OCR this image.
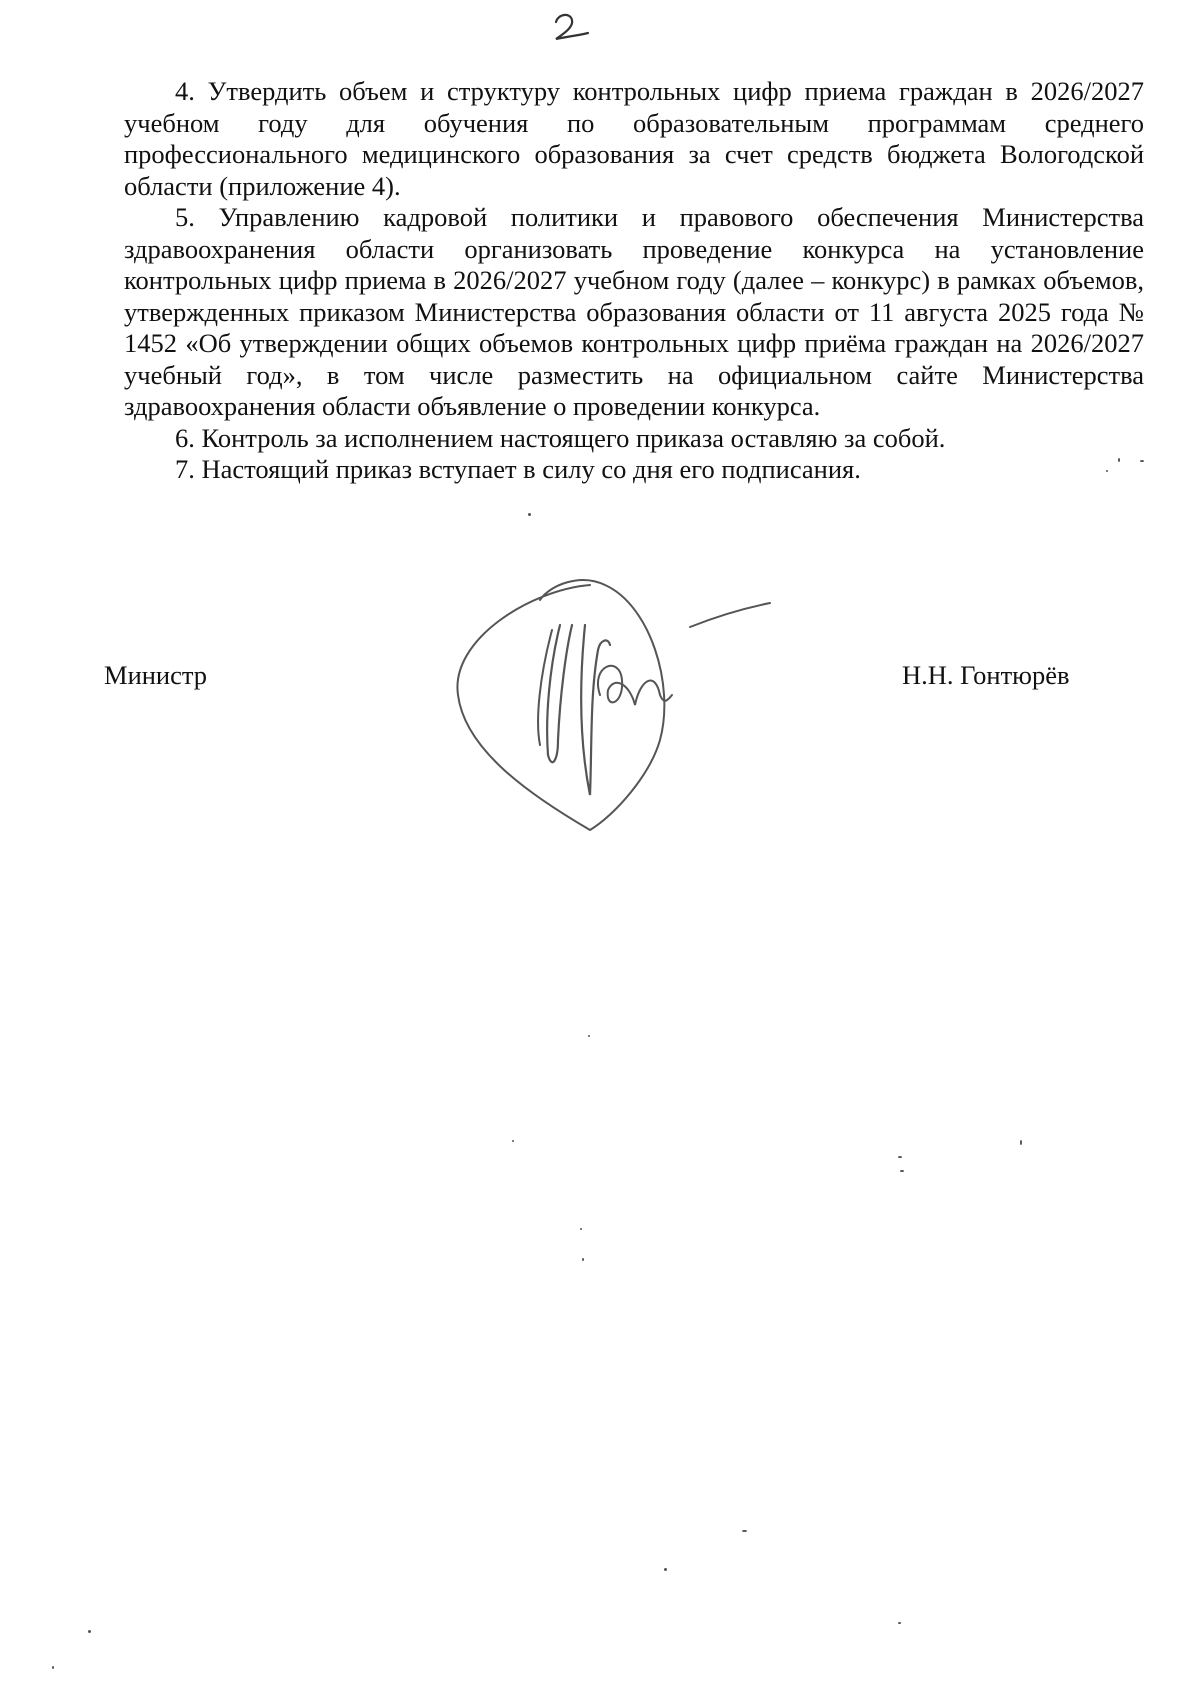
4. Утвердить объем и структуру контрольных цифр приема граждан в 2026/2027 учебном году для обучения по образовательным программам среднего профессионального медицинского образования за счет средств бюджета Вологодской области (приложение 4).

5. Управлению кадровой политики и правового обеспечения Министерства здравоохранения области организовать проведение конкурса на установление контрольных цифр приема в 2026/2027 учебном году (далее – конкурс) в рамках объемов, утвержденных приказом Министерства образования области от 11 августа 2025 года № 1452 «Об утверждении общих объемов контрольных цифр приёма граждан на 2026/2027 учебный год», в том числе разместить на официальном сайте Министерства здравоохранения области объявление о проведении конкурса.

6. Контроль за исполнением настоящего приказа оставляю за собой.

7. Настоящий приказ вступает в силу со дня его подписания.

Министр	Н.Н. Гонтюрёв
